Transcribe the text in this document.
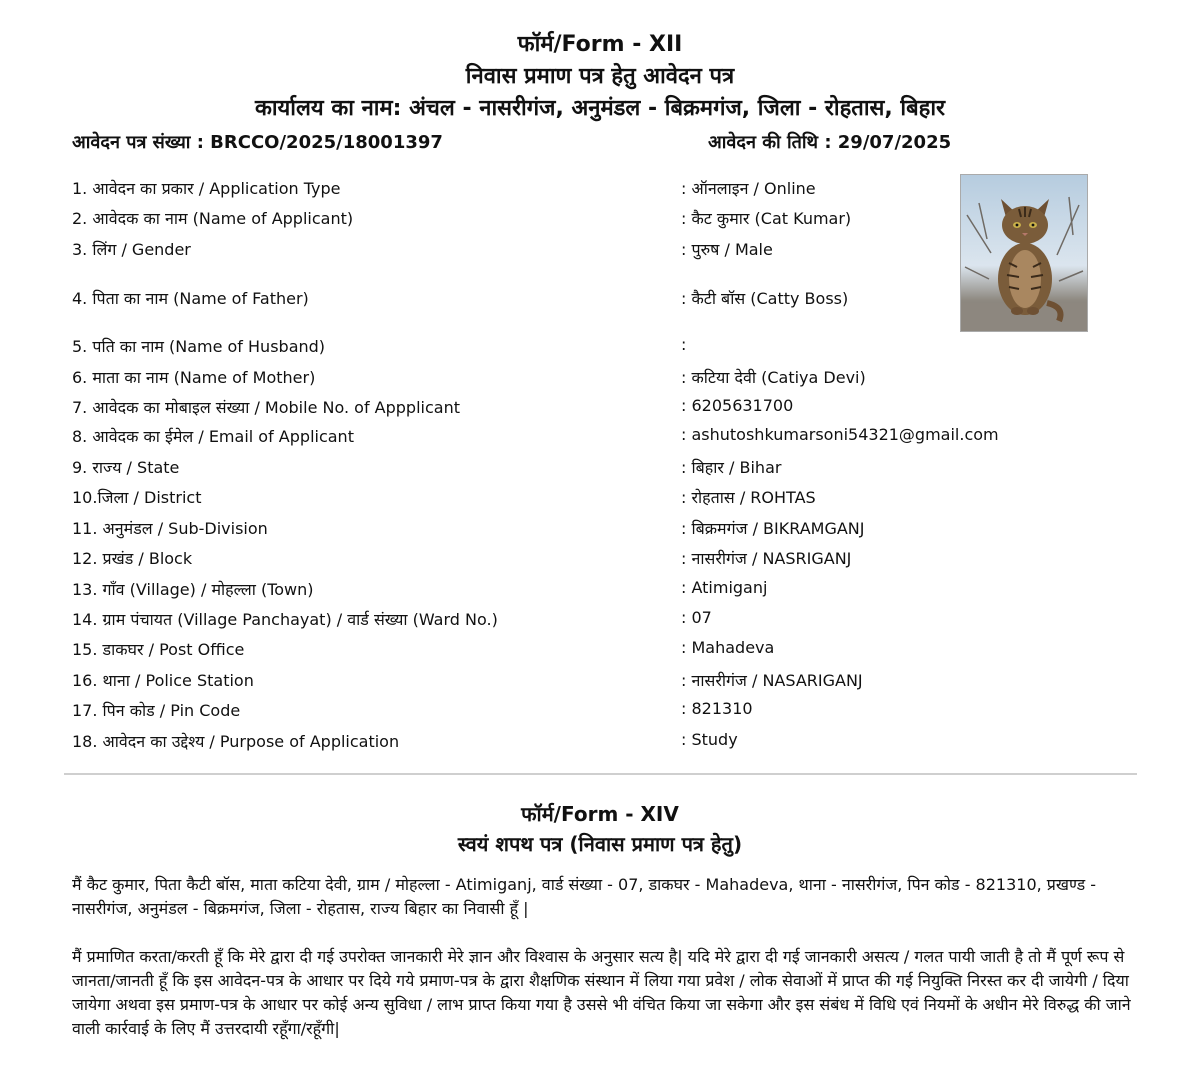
फॉर्म/Form - XII
निवास प्रमाण पत्र हेतु आवेदन पत्र
कार्यालय का नाम: अंचल - नासरीगंज, अनुमंडल - बिक्रमगंज, जिला - रोहतास, बिहार
आवेदन पत्र संख्या : BRCCO/2025/18001397	आवेदन की तिथि : 29/07/2025
1. आवेदन का प्रकार / Application Type	: ऑनलाइन / Online
2. आवेदक का नाम (Name of Applicant)	: कैट कुमार (Cat Kumar)
3. लिंग / Gender	: पुरुष / Male
4. पिता का नाम (Name of Father)	: कैटी बॉस (Catty Boss)
5. पति का नाम (Name of Husband)	:
6. माता का नाम (Name of Mother)	: कटिया देवी (Catiya Devi)
7. आवेदक का मोबाइल संख्या / Mobile No. of Appplicant	: 6205631700
8. आवेदक का ईमेल / Email of Applicant	: ashutoshkumarsoni54321@gmail.com
9. राज्य / State	: बिहार / Bihar
10.जिला / District	: रोहतास / ROHTAS
11. अनुमंडल / Sub-Division	: बिक्रमगंज / BIKRAMGANJ
12. प्रखंड / Block	: नासरीगंज / NASRIGANJ
13. गाँव (Village) / मोहल्ला (Town)	: Atimiganj
14. ग्राम पंचायत (Village Panchayat) / वार्ड संख्या (Ward No.)	: 07
15. डाकघर / Post Office	: Mahadeva
16. थाना / Police Station	: नासरीगंज / NASARIGANJ
17. पिन कोड / Pin Code	: 821310
18. आवेदन का उद्देश्य / Purpose of Application	: Study
फॉर्म/Form - XIV
स्वयं शपथ पत्र (निवास प्रमाण पत्र हेतु)
मैं कैट कुमार, पिता कैटी बॉस, माता कटिया देवी, ग्राम / मोहल्ला - Atimiganj, वार्ड संख्या - 07, डाकघर - Mahadeva, थाना - नासरीगंज, पिन कोड - 821310, प्रखण्ड - नासरीगंज, अनुमंडल - बिक्रमगंज, जिला - रोहतास, राज्य बिहार का निवासी हूँ |
मैं प्रमाणित करता/करती हूँ कि मेरे द्वारा दी गई उपरोक्त जानकारी मेरे ज्ञान और विश्वास के अनुसार सत्य है| यदि मेरे द्वारा दी गई जानकारी असत्य / गलत पायी जाती है तो मैं पूर्ण रूप से जानता/जानती हूँ कि इस आवेदन-पत्र के आधार पर दिये गये प्रमाण-पत्र के द्वारा शैक्षणिक संस्थान में लिया गया प्रवेश / लोक सेवाओं में प्राप्त की गई नियुक्ति निरस्त कर दी जायेगी / दिया जायेगा अथवा इस प्रमाण-पत्र के आधार पर कोई अन्य सुविधा / लाभ प्राप्त किया गया है उससे भी वंचित किया जा सकेगा और इस संबंध में विधि एवं नियमों के अधीन मेरे विरुद्ध की जाने वाली कार्रवाई के लिए मैं उत्तरदायी रहूँगा/रहूँगी|
